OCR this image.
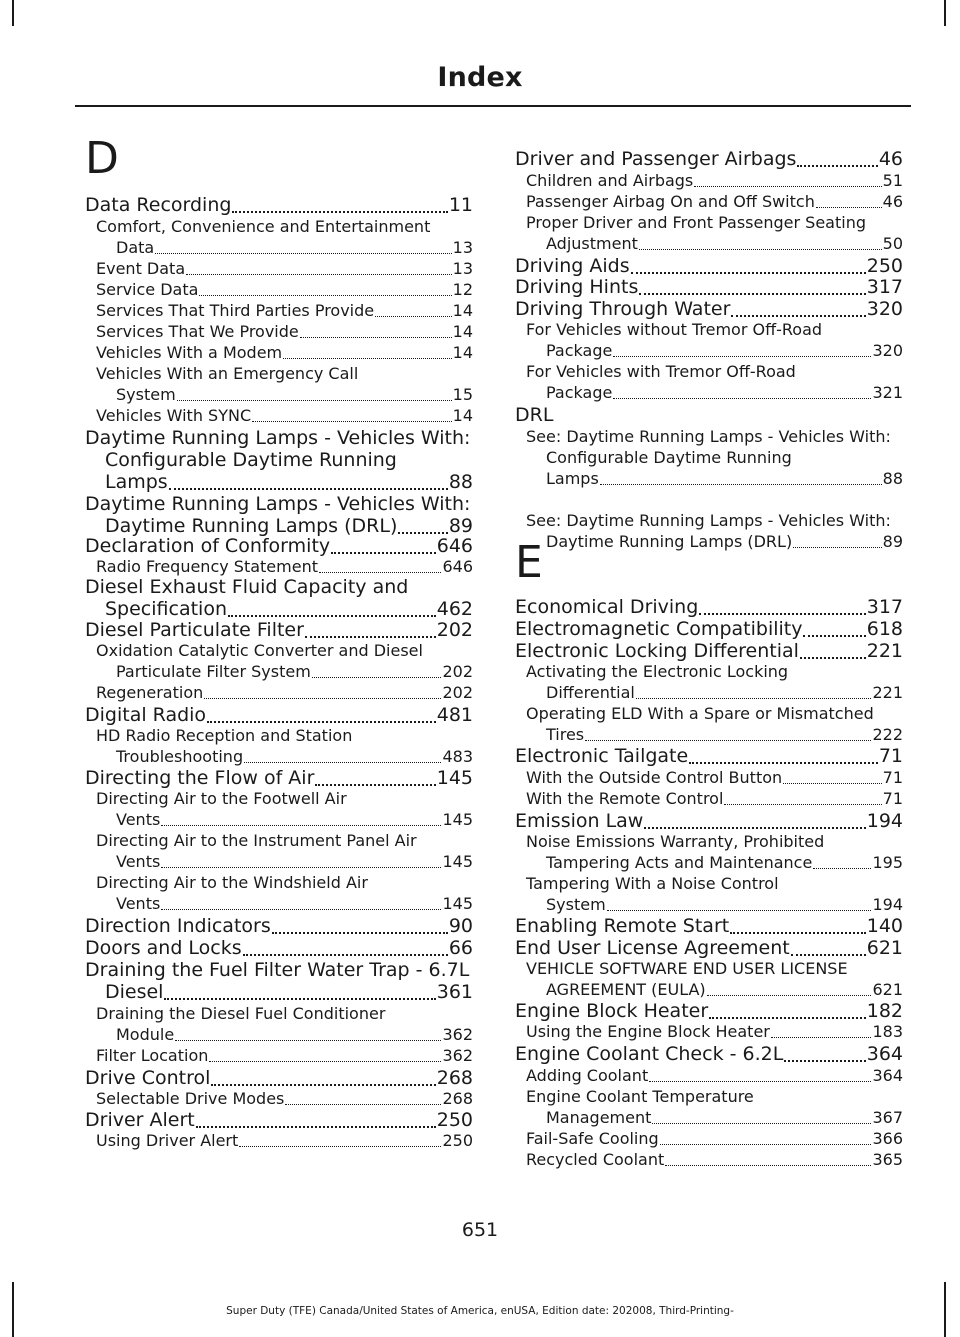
Index
D
Data Recording	11
Comfort, Convenience and Entertainment
Data	13
Event Data	13
Service Data	12
Services That Third Parties Provide	14
Services That We Provide	14
Vehicles With a Modem	14
Vehicles With an Emergency Call
System	15
Vehicles With SYNC	14
Daytime Running Lamps - Vehicles With:
Configurable Daytime Running
Lamps	88
Daytime Running Lamps - Vehicles With:
Daytime Running Lamps (DRL)	89
Declaration of Conformity	646
Radio Frequency Statement	646
Diesel Exhaust Fluid Capacity and
Specification	462
Diesel Particulate Filter	202
Oxidation Catalytic Converter and Diesel
Particulate Filter System	202
Regeneration	202
Digital Radio	481
HD Radio Reception and Station
Troubleshooting	483
Directing the Flow of Air	145
Directing Air to the Footwell Air
Vents	145
Directing Air to the Instrument Panel Air
Vents	145
Directing Air to the Windshield Air
Vents	145
Direction Indicators	90
Doors and Locks	66
Draining the Fuel Filter Water Trap - 6.7L
Diesel	361
Draining the Diesel Fuel Conditioner
Module	362
Filter Location	362
Drive Control	268
Selectable Drive Modes	268
Driver Alert	250
Using Driver Alert	250
E
Driver and Passenger Airbags	46
Children and Airbags	51
Passenger Airbag On and Off Switch	46
Proper Driver and Front Passenger Seating
Adjustment	50
Driving Aids	250
Driving Hints	317
Driving Through Water	320
For Vehicles without Tremor Off-Road
Package	320
For Vehicles with Tremor Off-Road
Package	321
DRL
See: Daytime Running Lamps - Vehicles With:
Configurable Daytime Running
Lamps	88
See: Daytime Running Lamps - Vehicles With:
Daytime Running Lamps (DRL)	89
Economical Driving	317
Electromagnetic Compatibility	618
Electronic Locking Differential	221
Activating the Electronic Locking
Differential	221
Operating ELD With a Spare or Mismatched
Tires	222
Electronic Tailgate	71
With the Outside Control Button	71
With the Remote Control	71
Emission Law	194
Noise Emissions Warranty, Prohibited
Tampering Acts and Maintenance	195
Tampering With a Noise Control
System	194
Enabling Remote Start	140
End User License Agreement	621
VEHICLE SOFTWARE END USER LICENSE
AGREEMENT (EULA)	621
Engine Block Heater	182
Using the Engine Block Heater	183
Engine Coolant Check - 6.2L	364
Adding Coolant	364
Engine Coolant Temperature
Management	367
Fail-Safe Cooling	366
Recycled Coolant	365
651
Super Duty (TFE) Canada/United States of America, enUSA, Edition date: 202008, Third-Printing-
